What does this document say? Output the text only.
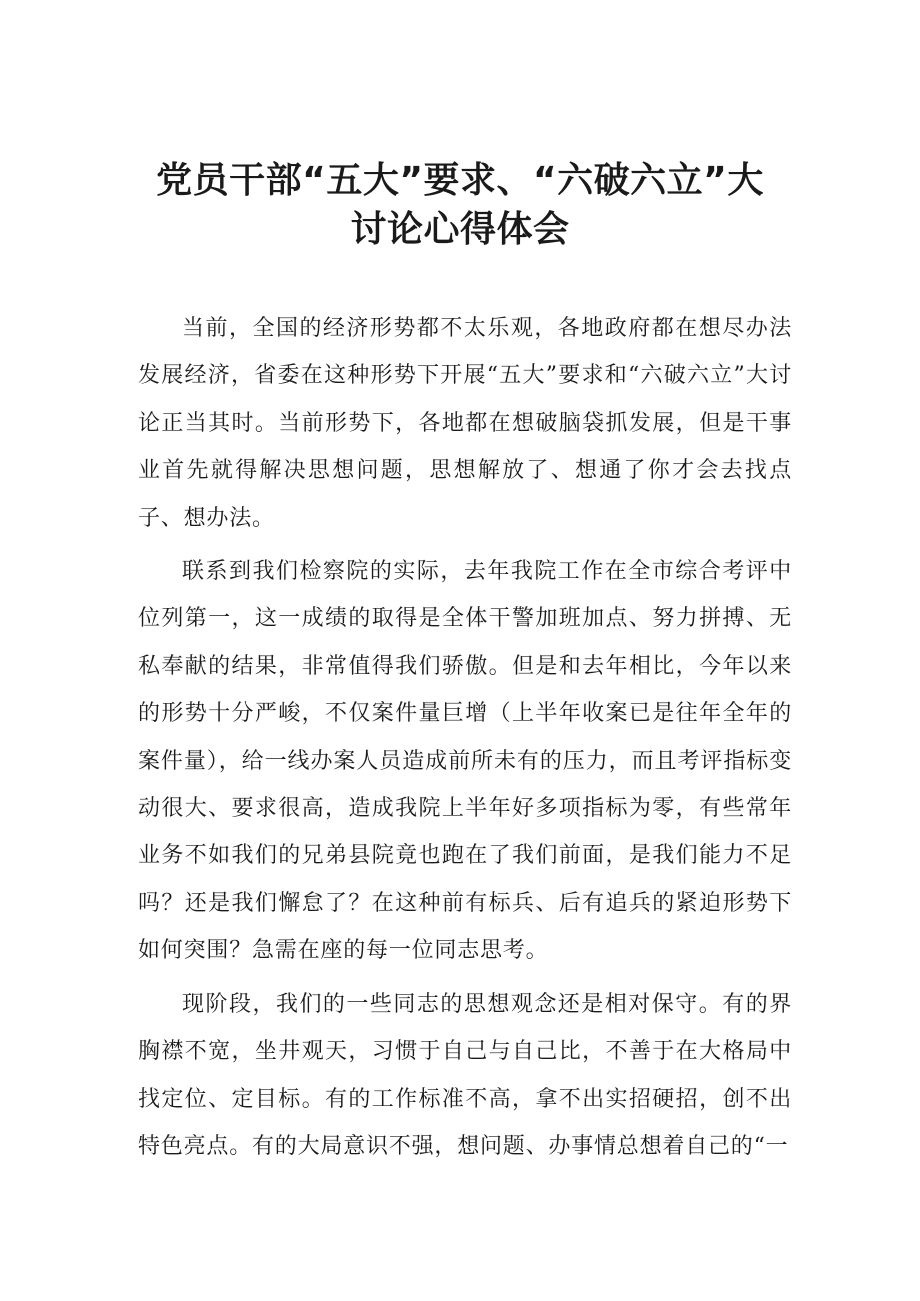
党员干部“五大”要求、“六破六立”大
讨论心得体会

当前，全国的经济形势都不太乐观，各地政府都在想尽办法发展经济，省委在这种形势下开展“五大”要求和“六破六立”大讨论正当其时。当前形势下，各地都在想破脑袋抓发展，但是干事业首先就得解决思想问题，思想解放了、想通了你才会去找点子、想办法。

联系到我们检察院的实际，去年我院工作在全市综合考评中位列第一，这一成绩的取得是全体干警加班加点、努力拼搏、无私奉献的结果，非常值得我们骄傲。但是和去年相比，今年以来的形势十分严峻，不仅案件量巨增（上半年收案已是往年全年的案件量），给一线办案人员造成前所未有的压力，而且考评指标变动很大、要求很高，造成我院上半年好多项指标为零，有些常年业务不如我们的兄弟县院竟也跑在了我们前面，是我们能力不足吗？还是我们懈怠了？在这种前有标兵、后有追兵的紧迫形势下如何突围？急需在座的每一位同志思考。

现阶段，我们的一些同志的思想观念还是相对保守。有的界胸襟不宽，坐井观天，习惯于自己与自己比，不善于在大格局中找定位、定目标。有的工作标准不高，拿不出实招硬招，创不出特色亮点。有的大局意识不强，想问题、办事情总想着自己的“一
